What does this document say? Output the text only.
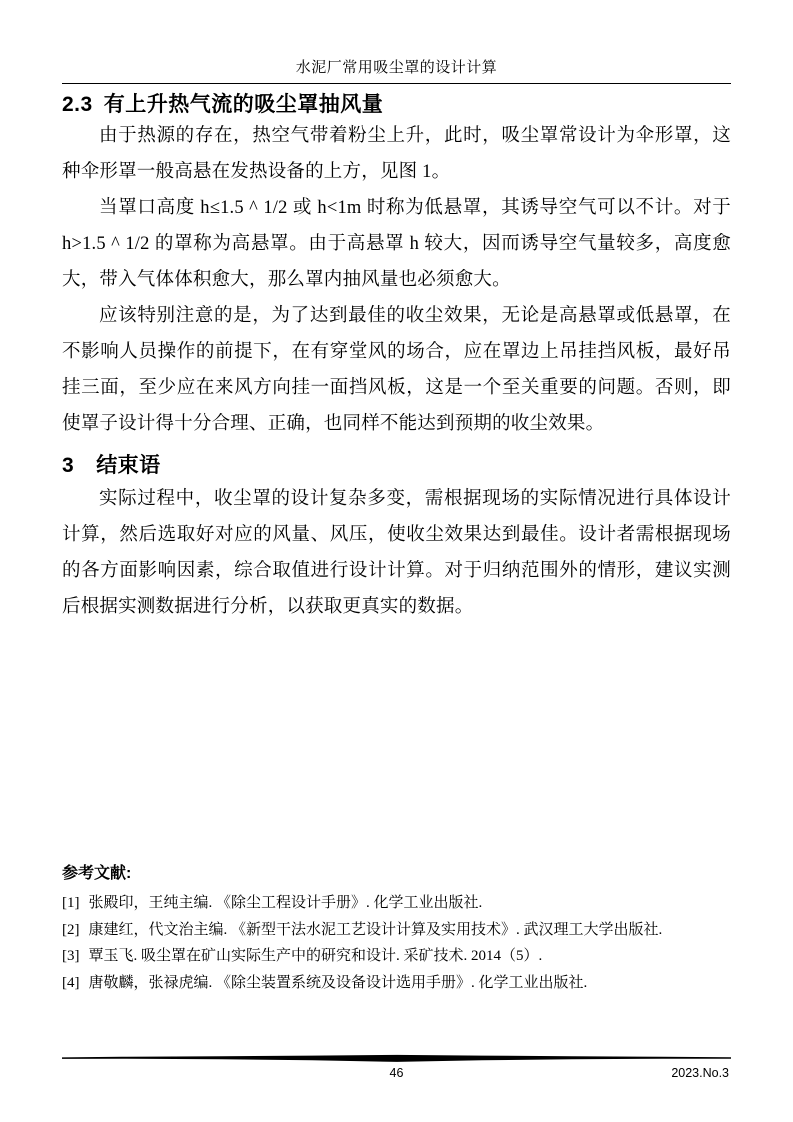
水泥厂常用吸尘罩的设计计算
2.3 有上升热气流的吸尘罩抽风量

由于热源的存在，热空气带着粉尘上升，此时，吸尘罩常设计为伞形罩，这种伞形罩一般高悬在发热设备的上方，见图 1。

当罩口高度 h≤1.5 ^ 1/2 或 h<1m 时称为低悬罩，其诱导空气可以不计。对于 h>1.5 ^ 1/2 的罩称为高悬罩。由于高悬罩 h 较大，因而诱导空气量较多，高度愈大，带入气体体积愈大，那么罩内抽风量也必须愈大。

应该特别注意的是，为了达到最佳的收尘效果，无论是高悬罩或低悬罩，在不影响人员操作的前提下，在有穿堂风的场合，应在罩边上吊挂挡风板，最好吊挂三面，至少应在来风方向挂一面挡风板，这是一个至关重要的问题。否则，即使罩子设计得十分合理、正确，也同样不能达到预期的收尘效果。

3 结束语

实际过程中，收尘罩的设计复杂多变，需根据现场的实际情况进行具体设计计算，然后选取好对应的风量、风压，使收尘效果达到最佳。设计者需根据现场的各方面影响因素，综合取值进行设计计算。对于归纳范围外的情形，建议实测后根据实测数据进行分析，以获取更真实的数据。

参考文献:
[1] 张殿印，王纯主编. 《除尘工程设计手册》. 化学工业出版社.
[2] 康建红，代文治主编. 《新型干法水泥工艺设计计算及实用技术》. 武汉理工大学出版社.
[3] 覃玉飞. 吸尘罩在矿山实际生产中的研究和设计. 采矿技术. 2014（5）.
[4] 唐敬麟，张禄虎编. 《除尘装置系统及设备设计选用手册》. 化学工业出版社.
46	2023.No.3
